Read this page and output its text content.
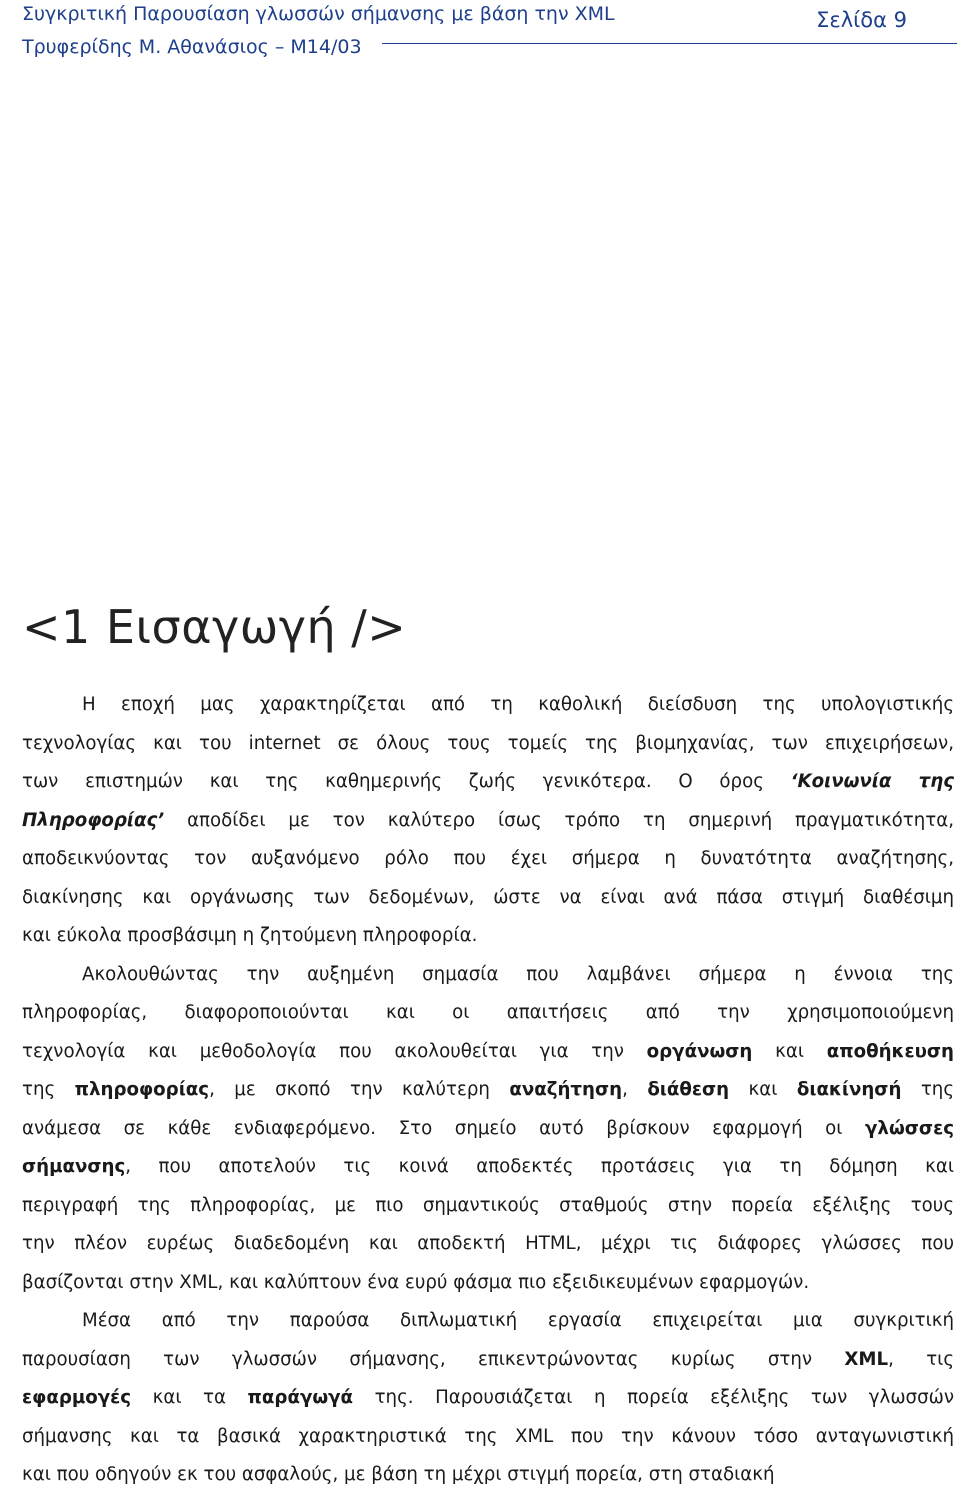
Συγκριτική Παρουσίαση γλωσσών σήμανσης με βάση την XML	Σελίδα 9
Τρυφερίδης Μ. Αθανάσιος – Μ14/03
<1 Εισαγωγή />
Η εποχή μας χαρακτηρίζεται από τη καθολική διείσδυση της υπολογιστικής
τεχνολογίας και του internet σε όλους τους τομείς της βιομηχανίας, των επιχειρήσεων,
των επιστημών και της καθημερινής ζωής γενικότερα. Ο όρος ‘Κοινωνία της
Πληροφορίας’ αποδίδει με τον καλύτερο ίσως τρόπο τη σημερινή πραγματικότητα,
αποδεικνύοντας τον αυξανόμενο ρόλο που έχει σήμερα η δυνατότητα αναζήτησης,
διακίνησης και οργάνωσης των δεδομένων, ώστε να είναι ανά πάσα στιγμή διαθέσιμη
και εύκολα προσβάσιμη η ζητούμενη πληροφορία.
Ακολουθώντας την αυξημένη σημασία που λαμβάνει σήμερα η έννοια της
πληροφορίας, διαφοροποιούνται και οι απαιτήσεις από την χρησιμοποιούμενη
τεχνολογία και μεθοδολογία που ακολουθείται για την οργάνωση και αποθήκευση
της πληροφορίας, με σκοπό την καλύτερη αναζήτηση, διάθεση και διακίνησή της
ανάμεσα σε κάθε ενδιαφερόμενο. Στο σημείο αυτό βρίσκουν εφαρμογή οι γλώσσες
σήμανσης, που αποτελούν τις κοινά αποδεκτές προτάσεις για τη δόμηση και
περιγραφή της πληροφορίας, με πιο σημαντικούς σταθμούς στην πορεία εξέλιξης τους
την πλέον ευρέως διαδεδομένη και αποδεκτή HTML, μέχρι τις διάφορες γλώσσες που
βασίζονται στην XML, και καλύπτουν ένα ευρύ φάσμα πιο εξειδικευμένων εφαρμογών.
Μέσα από την παρούσα διπλωματική εργασία επιχειρείται μια συγκριτική
παρουσίαση των γλωσσών σήμανσης, επικεντρώνοντας κυρίως στην XML, τις
εφαρμογές και τα παράγωγά της. Παρουσιάζεται η πορεία εξέλιξης των γλωσσών
σήμανσης και τα βασικά χαρακτηριστικά της XML που την κάνουν τόσο ανταγωνιστική
και που οδηγούν εκ του ασφαλούς, με βάση τη μέχρι στιγμή πορεία, στη σταδιακή
